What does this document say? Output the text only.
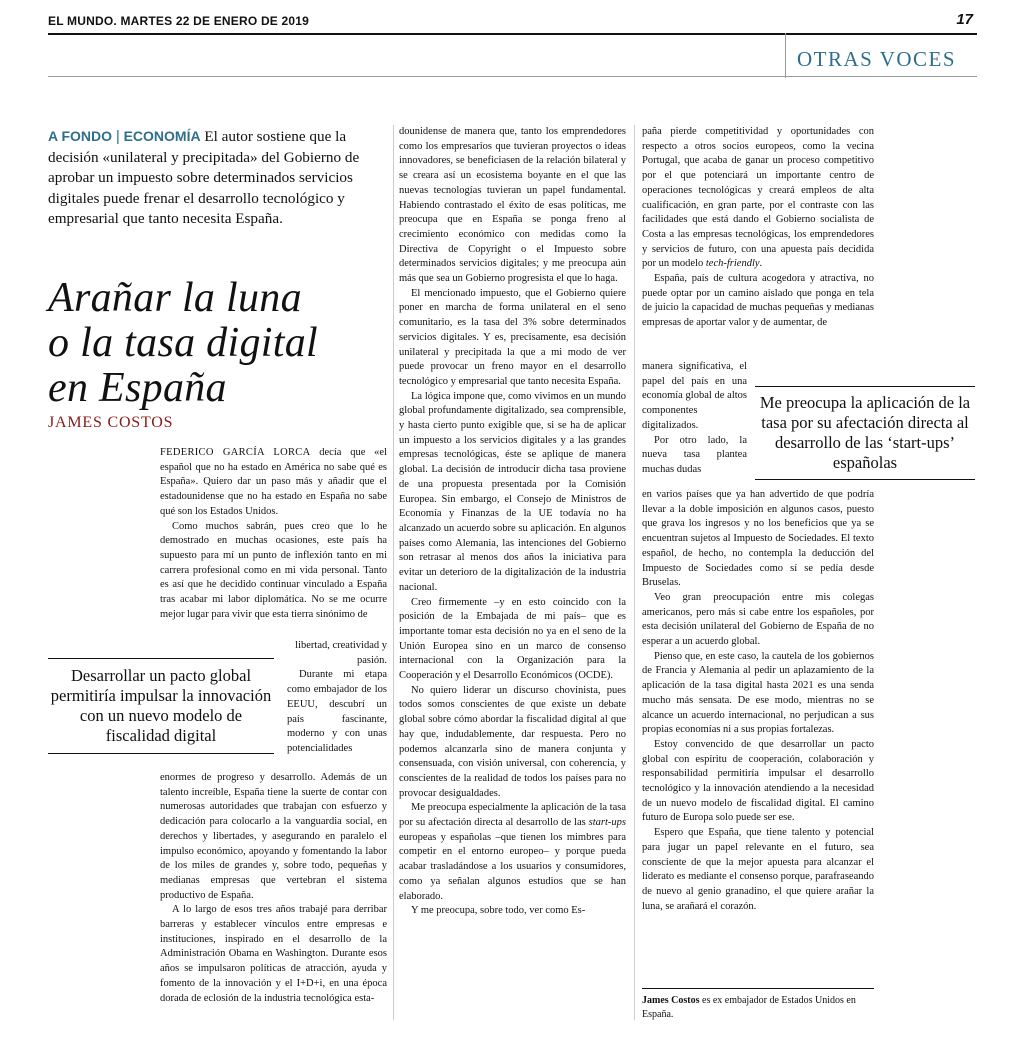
EL MUNDO. MARTES 22 DE ENERO DE 2019	17
OTRAS VOCES
A FONDO | ECONOMÍA El autor sostiene que la decisión «unilateral y precipitada» del Gobierno de aprobar un impuesto sobre determinados servicios digitales puede frenar el desarrollo tecnológico y empresarial que tanto necesita España.
Arañar la luna
o la tasa digital
en España
JAMES COSTOS

FEDERICO GARCÍA LORCA decía que «el español que no ha estado en América no sabe qué es España». Quiero dar un paso más y añadir que el estadounidense que no ha estado en España no sabe qué son los Estados Unidos.

Como muchos sabrán, pues creo que lo he demostrado en muchas ocasiones, este país ha supuesto para mí un punto de inflexión tanto en mi carrera profesional como en mi vida personal. Tanto es así que he decidido continuar vinculado a España tras acabar mi labor diplomática. No se me ocurre mejor lugar para vivir que esta tierra sinónimo de

libertad, creatividad y pasión.

Durante mi etapa como embajador de los EEUU, descubrí un país fascinante, moderno y con unas potencialidades

enormes de progreso y desarrollo. Además de un talento increíble, España tiene la suerte de contar con numerosas autoridades que trabajan con esfuerzo y dedicación para colocarlo a la vanguardia social, en derechos y libertades, y asegurando en paralelo el impulso económico, apoyando y fomentando la labor de los miles de grandes y, sobre todo, pequeñas y medianas empresas que vertebran el sistema productivo de España.

A lo largo de esos tres años trabajé para derribar barreras y establecer vínculos entre empresas e instituciones, inspirado en el desarrollo de la Administración Obama en Washington. Durante esos años se impulsaron políticas de atracción, ayuda y fomento de la innovación y el I+D+i, en una época dorada de eclosión de la industria tecnológica esta-

Desarrollar un pacto global permitiría impulsar la innovación con un nuevo modelo de fiscalidad digital

dounidense de manera que, tanto los emprendedores como los empresarios que tuvieran proyectos o ideas innovadores, se beneficiasen de la relación bilateral y se creara así un ecosistema boyante en el que las nuevas tecnologías tuvieran un papel fundamental. Habiendo contrastado el éxito de esas políticas, me preocupa que en España se ponga freno al crecimiento económico con medidas como la Directiva de Copyright o el Impuesto sobre determinados servicios digitales; y me preocupa aún más que sea un Gobierno progresista el que lo haga.

El mencionado impuesto, que el Gobierno quiere poner en marcha de forma unilateral en el seno comunitario, es la tasa del 3% sobre determinados servicios digitales. Y es, precisamente, esa decisión unilateral y precipitada la que a mi modo de ver puede provocar un freno mayor en el desarrollo tecnológico y empresarial que tanto necesita España.

La lógica impone que, como vivimos en un mundo global profundamente digitalizado, sea comprensible, y hasta cierto punto exigible que, si se ha de aplicar un impuesto a los servicios digitales y a las grandes empresas tecnológicas, éste se aplique de manera global. La decisión de introducir dicha tasa proviene de una propuesta presentada por la Comisión Europea. Sin embargo, el Consejo de Ministros de Economía y Finanzas de la UE todavía no ha alcanzado un acuerdo sobre su aplicación. En algunos países como Alemania, las intenciones del Gobierno son retrasar al menos dos años la iniciativa para evitar un deterioro de la digitalización de la industria nacional.

Creo firmemente –y en esto coincido con la posición de la Embajada de mi país– que es importante tomar esta decisión no ya en el seno de la Unión Europea sino en un marco de consenso internacional con la Organización para la Cooperación y el Desarrollo Económicos (OCDE).

No quiero liderar un discurso chovinista, pues todos somos conscientes de que existe un debate global sobre cómo abordar la fiscalidad digital al que hay que, indudablemente, dar respuesta. Pero no podemos alcanzarla sino de manera conjunta y consensuada, con visión universal, con coherencia, y conscientes de la realidad de todos los países para no provocar desigualdades.

Me preocupa especialmente la aplicación de la tasa por su afectación directa al desarrollo de las start-ups europeas y españolas –que tienen los mimbres para competir en el entorno europeo– y porque pueda acabar trasladándose a los usuarios y consumidores, como ya señalan algunos estudios que se han elaborado.

Y me preocupa, sobre todo, ver como Es-

paña pierde competitividad y oportunidades con respecto a otros socios europeos, como la vecina Portugal, que acaba de ganar un proceso competitivo por el que potenciará un importante centro de operaciones tecnológicas y creará empleos de alta cualificación, en gran parte, por el contraste con las facilidades que está dando el Gobierno socialista de Costa a las empresas tecnológicas, los emprendedores y servicios de futuro, con una apuesta país decidida por un modelo tech-friendly.

España, país de cultura acogedora y atractiva, no puede optar por un camino aislado que ponga en tela de juicio la capacidad de muchas pequeñas y medianas empresas de aportar valor y de aumentar, de

manera significativa, el papel del país en una economía global de altos componentes digitalizados.

Por otro lado, la nueva tasa plantea muchas dudas

en varios países que ya han advertido de que podría llevar a la doble imposición en algunos casos, puesto que grava los ingresos y no los beneficios que ya se encuentran sujetos al Impuesto de Sociedades. El texto español, de hecho, no contempla la deducción del Impuesto de Sociedades como sí se pedía desde Bruselas.

Veo gran preocupación entre mis colegas americanos, pero más si cabe entre los españoles, por esta decisión unilateral del Gobierno de España de no esperar a un acuerdo global.

Pienso que, en este caso, la cautela de los gobiernos de Francia y Alemania al pedir un aplazamiento de la aplicación de la tasa digital hasta 2021 es una senda mucho más sensata. De ese modo, mientras no se alcance un acuerdo internacional, no perjudican a sus propias economías ni a sus propias fortalezas.

Estoy convencido de que desarrollar un pacto global con espíritu de cooperación, colaboración y responsabilidad permitiría impulsar el desarrollo tecnológico y la innovación atendiendo a la necesidad de un nuevo modelo de fiscalidad digital. El camino futuro de Europa solo puede ser ese.

Espero que España, que tiene talento y potencial para jugar un papel relevante en el futuro, sea consciente de que la mejor apuesta para alcanzar el liderato es mediante el consenso porque, parafraseando de nuevo al genio granadino, el que quiere arañar la luna, se arañará el corazón.

Me preocupa la aplicación de la tasa por su afectación directa al desarrollo de las ‘start-ups’ españolas
James Costos es ex embajador de Estados Unidos en España.
